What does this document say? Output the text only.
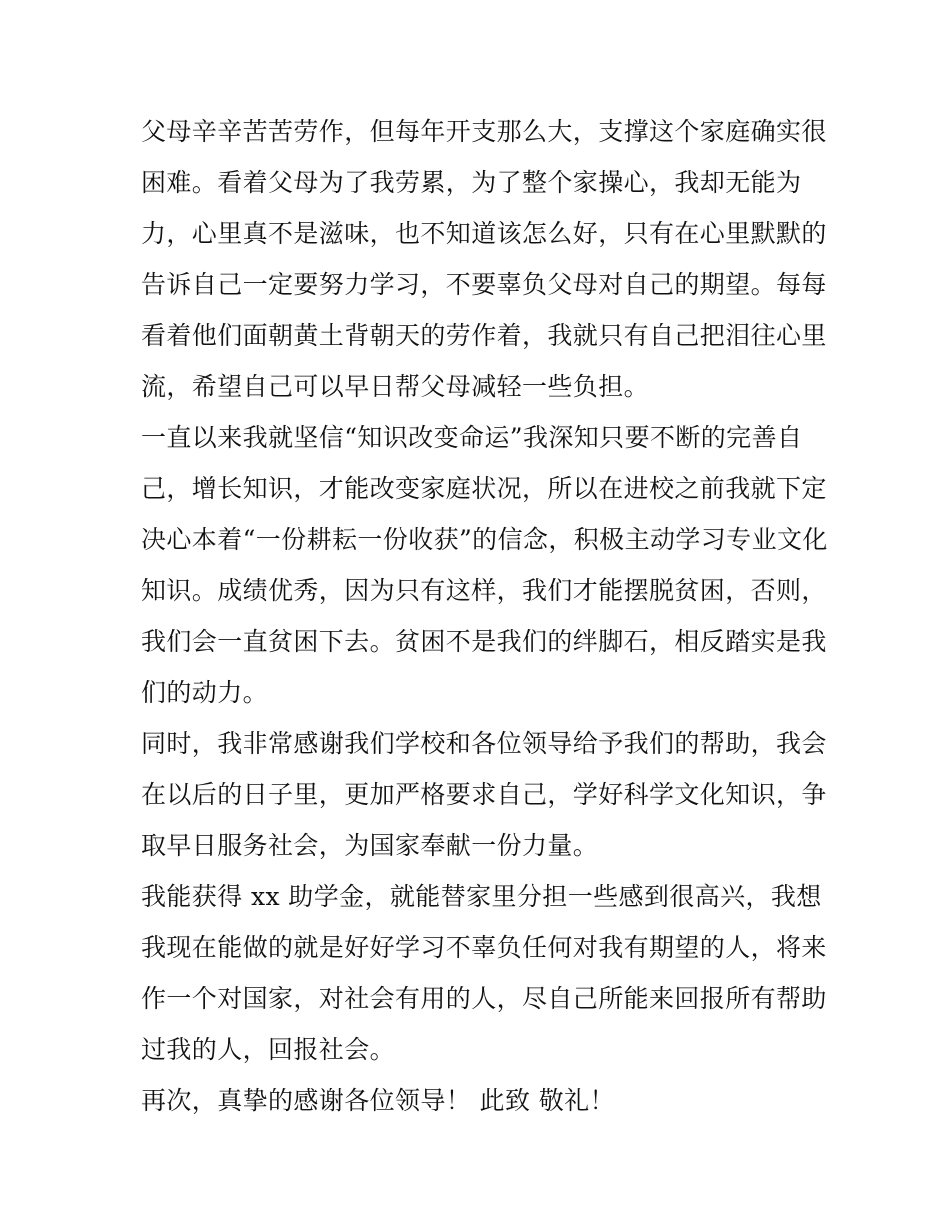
父母辛辛苦苦劳作，但每年开支那么大，支撑这个家庭确实很
困难。看着父母为了我劳累，为了整个家操心，我却无能为
力，心里真不是滋味，也不知道该怎么好，只有在心里默默的
告诉自己一定要努力学习，不要辜负父母对自己的期望。每每
看着他们面朝黄土背朝天的劳作着，我就只有自己把泪往心里
流，希望自己可以早日帮父母减轻一些负担。
一直以来我就坚信“知识改变命运”我深知只要不断的完善自
己，增长知识，才能改变家庭状况，所以在进校之前我就下定
决心本着“一份耕耘一份收获”的信念，积极主动学习专业文化
知识。成绩优秀，因为只有这样，我们才能摆脱贫困，否则，
我们会一直贫困下去。贫困不是我们的绊脚石，相反踏实是我
们的动力。
同时，我非常感谢我们学校和各位领导给予我们的帮助，我会
在以后的日子里，更加严格要求自己，学好科学文化知识，争
取早日服务社会，为国家奉献一份力量。
我能获得 xx 助学金，就能替家里分担一些感到很高兴，我想
我现在能做的就是好好学习不辜负任何对我有期望的人，将来
作一个对国家，对社会有用的人，尽自己所能来回报所有帮助
过我的人，回报社会。
再次，真挚的感谢各位领导！ 此致 敬礼！
